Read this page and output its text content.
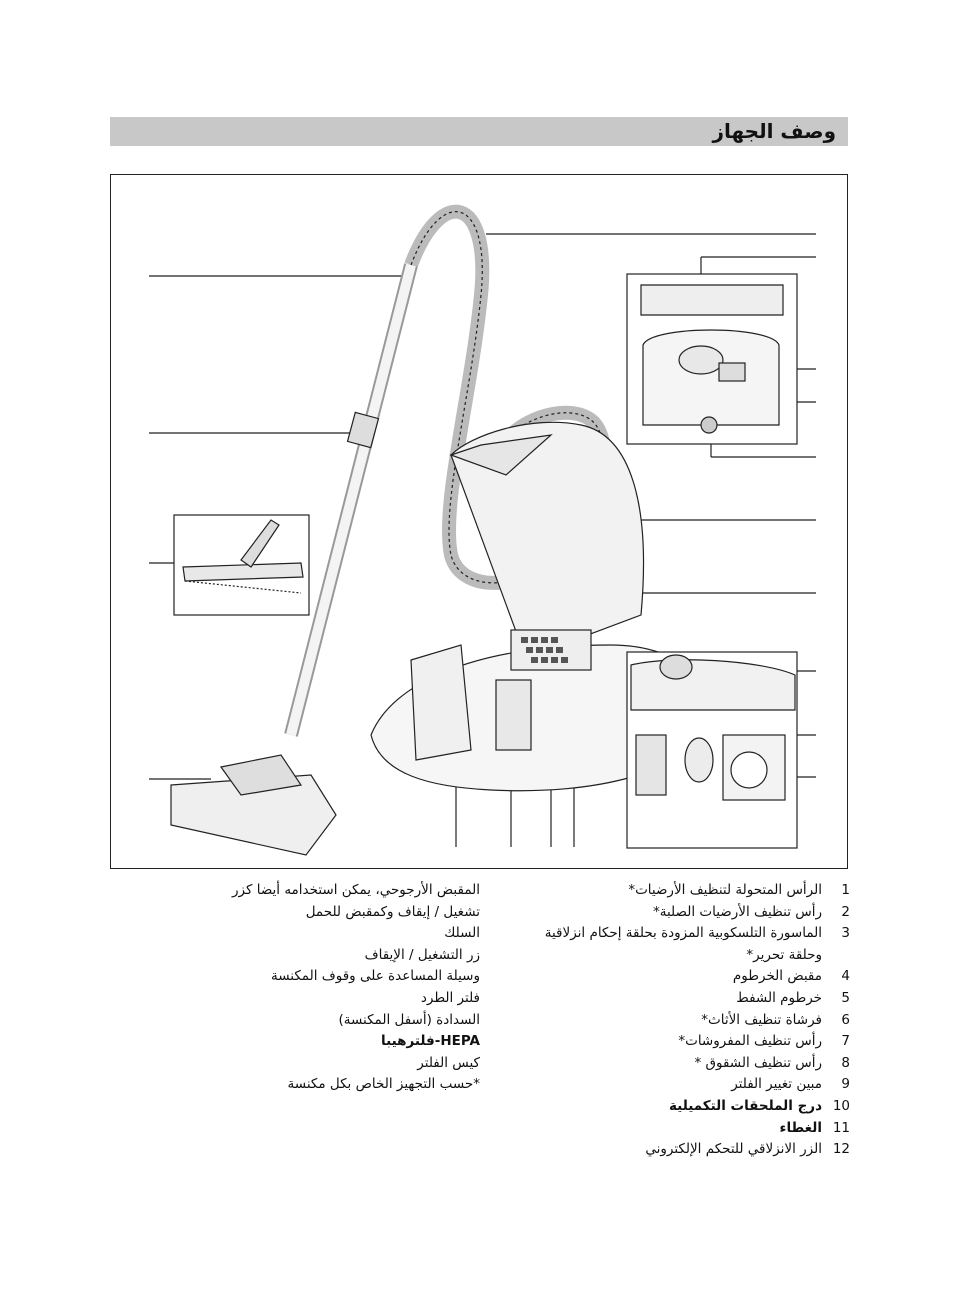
وصف الجهاز
1
الرأس المتحولة لتنظيف الأرضيات*
2
رأس تنظيف الأرضيات الصلبة*
3
الماسورة التلسكوبية المزودة بحلقة إحكام انزلاقية وحلقة تحرير*
4
مقبض الخرطوم
5
خرطوم الشفط
6
فرشاة تنظيف الأثاث*
7
رأس تنظيف المفروشات*
8
رأس تنظيف الشقوق *
9
مبين تغيير الفلتر
10
درج الملحقات التكميلية
11
الغطاء
12
الزر الانزلاقي للتحكم الإلكتروني
المقبض الأرجوحي، يمكن استخدامه أيضا كزر
تشغيل / إيقاف وكمقبض للحمل
السلك
زر التشغيل / الإيقاف
وسيلة المساعدة على وقوف المكنسة
فلتر الطرد
السدادة (أسفل المكنسة)
HEPA-فلترهيبا
كيس الفلتر
*حسب التجهيز الخاص بكل مكنسة
